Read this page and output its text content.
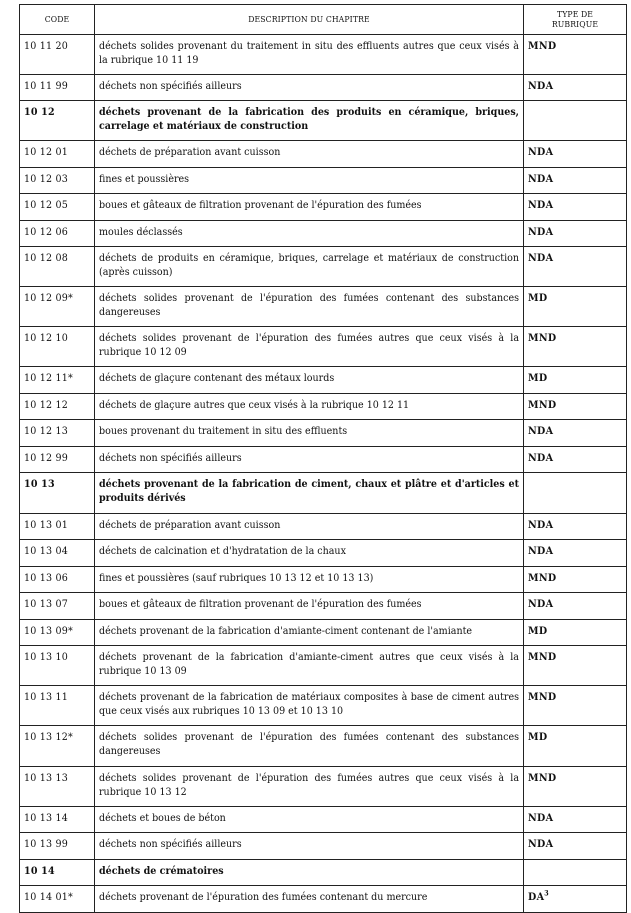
CODE	DESCRIPTION DU CHAPITRE	TYPE DE
RUBRIQUE
10 11 20	déchets solides provenant du traitement in situ des effluents autres que ceux visés à la rubrique 10 11 19	MND
10 11 99	déchets non spécifiés ailleurs	NDA
10 12	déchets provenant de la fabrication des produits en céramique, briques, carrelage et matériaux de construction	
10 12 01	déchets de préparation avant cuisson	NDA
10 12 03	fines et poussières	NDA
10 12 05	boues et gâteaux de filtration provenant de l'épuration des fumées	NDA
10 12 06	moules déclassés	NDA
10 12 08	déchets de produits en céramique, briques, carrelage et matériaux de construction (après cuisson)	NDA
10 12 09*	déchets solides provenant de l'épuration des fumées contenant des substances dangereuses	MD
10 12 10	déchets solides provenant de l'épuration des fumées autres que ceux visés à la rubrique 10 12 09	MND
10 12 11*	déchets de glaçure contenant des métaux lourds	MD
10 12 12	déchets de glaçure autres que ceux visés à la rubrique 10 12 11	MND
10 12 13	boues provenant du traitement in situ des effluents	NDA
10 12 99	déchets non spécifiés ailleurs	NDA
10 13	déchets provenant de la fabrication de ciment, chaux et plâtre et d'articles et produits dérivés	
10 13 01	déchets de préparation avant cuisson	NDA
10 13 04	déchets de calcination et d'hydratation de la chaux	NDA
10 13 06	fines et poussières (sauf rubriques 10 13 12 et 10 13 13)	MND
10 13 07	boues et gâteaux de filtration provenant de l'épuration des fumées	NDA
10 13 09*	déchets provenant de la fabrication d'amiante-ciment contenant de l'amiante	MD
10 13 10	déchets provenant de la fabrication d'amiante-ciment autres que ceux visés à la rubrique 10 13 09	MND
10 13 11	déchets provenant de la fabrication de matériaux composites à base de ciment autres que ceux visés aux rubriques 10 13 09 et 10 13 10	MND
10 13 12*	déchets solides provenant de l'épuration des fumées contenant des substances dangereuses	MD
10 13 13	déchets solides provenant de l'épuration des fumées autres que ceux visés à la rubrique 10 13 12	MND
10 13 14	déchets et boues de béton	NDA
10 13 99	déchets non spécifiés ailleurs	NDA
10 14	déchets de crématoires	
10 14 01*	déchets provenant de l'épuration des fumées contenant du mercure	$DA^3$
